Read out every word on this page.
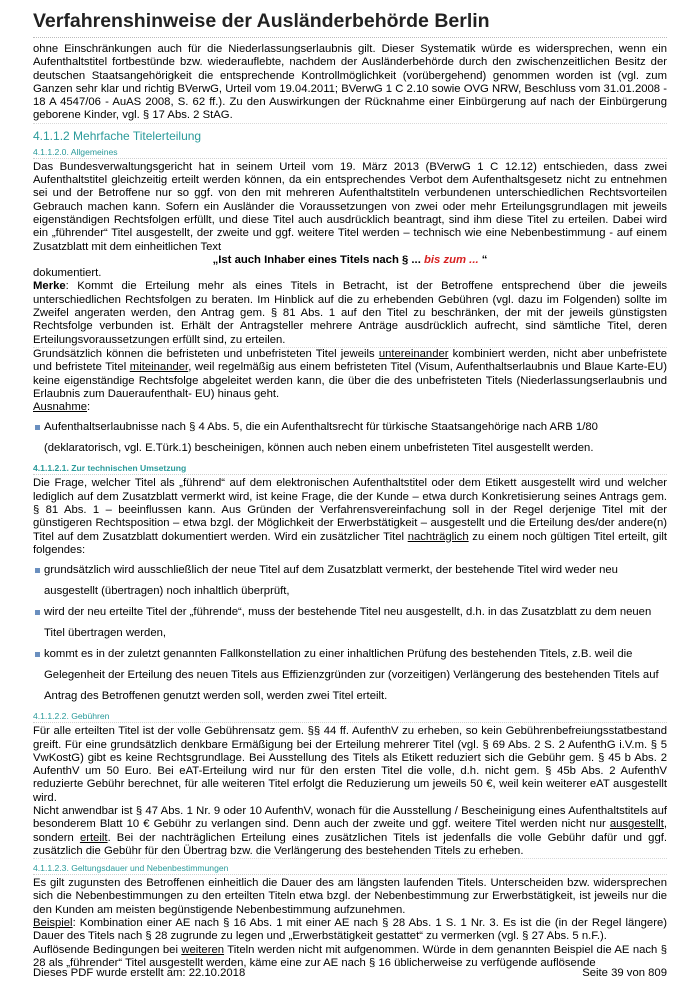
Verfahrenshinweise der Ausländerbehörde Berlin

ohne Einschränkungen auch für die Niederlassungserlaubnis gilt. Dieser Systematik würde es widersprechen, wenn ein Aufenthaltstitel fortbestünde bzw. wiederauflebte, nachdem der Ausländerbehörde durch den zwischenzeitlichen Besitz der deutschen Staatsangehörigkeit die entsprechende Kontrollmöglichkeit (vorübergehend) genommen worden ist (vgl. zum Ganzen sehr klar und richtig BVerwG, Urteil vom 19.04.2011; BVerwG 1 C 2.10 sowie OVG NRW, Beschluss vom 31.01.2008 - 18 A 4547/06 - AuAS 2008, S. 62 ff.). Zu den Auswirkungen der Rücknahme einer Einbürgerung auf nach der Einbürgerung geborene Kinder, vgl. § 17 Abs. 2 StAG.

4.1.1.2 Mehrfache Titelerteilung
4.1.1.2.0. Allgemeines

Das Bundesverwaltungsgericht hat in seinem Urteil vom 19. März 2013 (BVerwG 1 C 12.12) entschieden, dass zwei Aufenthaltstitel gleichzeitig erteilt werden können, da ein entsprechendes Verbot dem Aufenthaltsgesetz nicht zu entnehmen sei und der Betroffene nur so ggf. von den mit mehreren Aufenthaltstiteln verbundenen unterschiedlichen Rechtsvorteilen Gebrauch machen kann. Sofern ein Ausländer die Voraussetzungen von zwei oder mehr Erteilungsgrundlagen mit jeweils eigenständigen Rechtsfolgen erfüllt, und diese Titel auch ausdrücklich beantragt, sind ihm diese Titel zu erteilen. Dabei wird ein „führender“ Titel ausgestellt, der zweite und ggf. weitere Titel werden – technisch wie eine Nebenbestimmung - auf einem Zusatzblatt mit dem einheitlichen Text

„Ist auch Inhaber eines Titels nach § ... bis zum ... “

dokumentiert.

Merke: Kommt die Erteilung mehr als eines Titels in Betracht, ist der Betroffene entsprechend über die jeweils unterschiedlichen Rechtsfolgen zu beraten. Im Hinblick auf die zu erhebenden Gebühren (vgl. dazu im Folgenden) sollte im Zweifel angeraten werden, den Antrag gem. § 81 Abs. 1 auf den Titel zu beschränken, der mit der jeweils günstigsten Rechtsfolge verbunden ist. Erhält der Antragsteller mehrere Anträge ausdrücklich aufrecht, sind sämtliche Titel, deren Erteilungsvoraussetzungen erfüllt sind, zu erteilen.

Grundsätzlich können die befristeten und unbefristeten Titel jeweils untereinander kombiniert werden, nicht aber unbefristete und befristete Titel miteinander, weil regelmäßig aus einem befristeten Titel (Visum, Aufenthaltserlaubnis und Blaue Karte-EU) keine eigenständige Rechtsfolge abgeleitet werden kann, die über die des unbefristeten Titels (Niederlassungserlaubnis und Erlaubnis zum Daueraufenthalt- EU) hinaus geht.

Ausnahme:

Aufenthaltserlaubnisse nach § 4 Abs. 5, die ein Aufenthaltsrecht für türkische Staatsangehörige nach ARB 1/80 (deklaratorisch, vgl. E.Türk.1) bescheinigen, können auch neben einem unbefristeten Titel ausgestellt werden.
4.1.1.2.1. Zur technischen Umsetzung

Die Frage, welcher Titel als „führend“ auf dem elektronischen Aufenthaltstitel oder dem Etikett ausgestellt wird und welcher lediglich auf dem Zusatzblatt vermerkt wird, ist keine Frage, die der Kunde – etwa durch Konkretisierung seines Antrags gem. § 81 Abs. 1 – beeinflussen kann. Aus Gründen der Verfahrensvereinfachung soll in der Regel derjenige Titel mit der günstigeren Rechtsposition – etwa bzgl. der Möglichkeit der Erwerbstätigkeit – ausgestellt und die Erteilung des/der andere(n) Titel auf dem Zusatzblatt dokumentiert werden. Wird ein zusätzlicher Titel nachträglich zu einem noch gültigen Titel erteilt, gilt folgendes:

grundsätzlich wird ausschließlich der neue Titel auf dem Zusatzblatt vermerkt, der bestehende Titel wird weder neu ausgestellt (übertragen) noch inhaltlich überprüft,
wird der neu erteilte Titel der „führende“, muss der bestehende Titel neu ausgestellt, d.h. in das Zusatzblatt zu dem neuen Titel übertragen werden,
kommt es in der zuletzt genannten Fallkonstellation zu einer inhaltlichen Prüfung des bestehenden Titels, z.B. weil die Gelegenheit der Erteilung des neuen Titels aus Effizienzgründen zur (vorzeitigen) Verlängerung des bestehenden Titels auf Antrag des Betroffenen genutzt werden soll, werden zwei Titel erteilt.
4.1.1.2.2. Gebühren

Für alle erteilten Titel ist der volle Gebührensatz gem. §§ 44 ff. AufenthV zu erheben, so kein Gebührenbefreiungsstatbestand greift. Für eine grundsätzlich denkbare Ermäßigung bei der Erteilung mehrerer Titel (vgl. § 69 Abs. 2 S. 2 AufenthG i.V.m. § 5 VwKostG) gibt es keine Rechtsgrundlage. Bei Ausstellung des Titels als Etikett reduziert sich die Gebühr gem. § 45 b Abs. 2 AufenthV um 50 Euro. Bei eAT-Erteilung wird nur für den ersten Titel die volle, d.h. nicht gem. § 45b Abs. 2 AufenthV reduzierte Gebühr berechnet, für alle weiteren Titel erfolgt die Reduzierung um jeweils 50 €, weil kein weiterer eAT ausgestellt wird.

Nicht anwendbar ist § 47 Abs. 1 Nr. 9 oder 10 AufenthV, wonach für die Ausstellung / Bescheinigung eines Aufenthaltstitels auf besonderem Blatt 10 € Gebühr zu verlangen sind. Denn auch der zweite und ggf. weitere Titel werden nicht nur ausgestellt, sondern erteilt. Bei der nachträglichen Erteilung eines zusätzlichen Titels ist jedenfalls die volle Gebühr dafür und ggf. zusätzlich die Gebühr für den Übertrag bzw. die Verlängerung des bestehenden Titels zu erheben.

4.1.1.2.3. Geltungsdauer und Nebenbestimmungen

Es gilt zugunsten des Betroffenen einheitlich die Dauer des am längsten laufenden Titels. Unterscheiden bzw. widersprechen sich die Nebenbestimmungen zu den erteilten Titeln etwa bzgl. der Nebenbestimmung zur Erwerbstätigkeit, ist jeweils nur die den Kunden am meisten begünstigende Nebenbestimmung aufzunehmen.

Beispiel: Kombination einer AE nach § 16 Abs. 1 mit einer AE nach § 28 Abs. 1 S. 1 Nr. 3. Es ist die (in der Regel längere) Dauer des Titels nach § 28 zugrunde zu legen und „Erwerbstätigkeit gestattet“ zu vermerken (vgl. § 27 Abs. 5 n.F.).

Auflösende Bedingungen bei weiteren Titeln werden nicht mit aufgenommen. Würde in dem genannten Beispiel die AE nach § 28 als „führender“ Titel ausgestellt werden, käme eine zur AE nach § 16 üblicherweise zu verfügende auflösende

Dieses PDF wurde erstellt am: 22.10.2018	Seite 39 von 809
